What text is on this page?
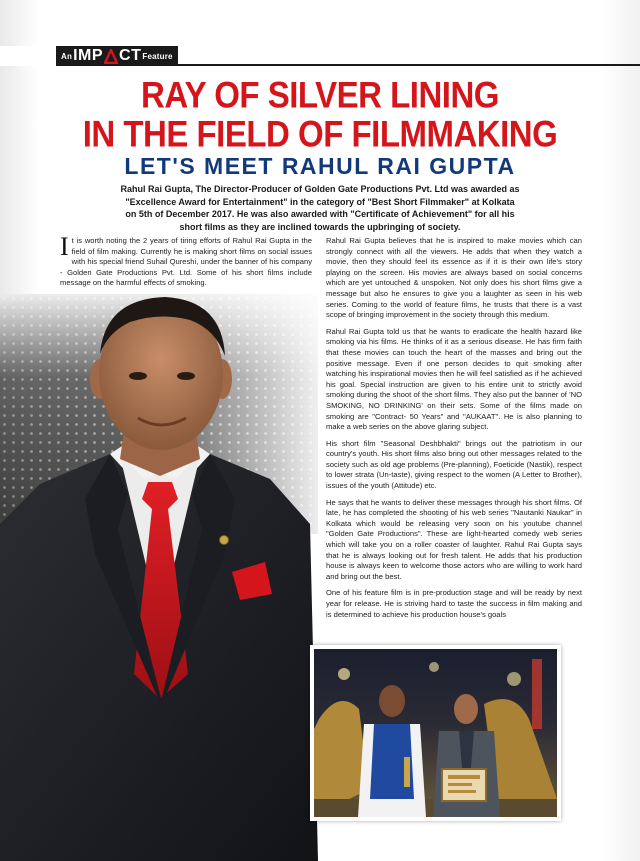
An IMP CT Feature
RAY OF SILVER LINING
IN THE FIELD OF FILMMAKING
LET'S MEET RAHUL RAI GUPTA
Rahul Rai Gupta, The Director-Producer of Golden Gate Productions Pvt. Ltd was awarded as "Excellence Award for Entertainment" in the category of "Best Short Filmmaker" at Kolkata on 5th of December 2017. He was also awarded with "Certificate of Achievement" for all his short films as they are inclined towards the upbringing of society.

It is worth noting the 2 years of tiring efforts of Rahul Rai Gupta in the field of film making. Currently he is making short films on social issues with his special friend Suhail Qureshi, under the banner of his company - Golden Gate Productions Pvt. Ltd. Some of his short films include message on the harmful effects of smoking.

Rahul Rai Gupta believes that he is inspired to make movies which can strongly connect with all the viewers. He adds that when they watch a movie, then they should feel its essence as if it is their own life's story playing on the screen. His movies are always based on social concerns which are yet untouched & unspoken. Not only does his short films give a message but also he ensures to give you a laughter as seen in his web series. Coming to the world of feature films, he trusts that there is a vast scope of bringing improvement in the society through this medium.

Rahul Rai Gupta told us that he wants to eradicate the health hazard like smoking via his films. He thinks of it as a serious disease. He has firm faith that these movies can touch the heart of the masses and bring out the positive message. Even if one person decides to quit smoking after watching his inspirational movies then he will feel satisfied as if he achieved his goal. Special instruction are given to his entire unit to strictly avoid smoking during the shoot of the short films. They also put the banner of 'NO SMOKING, NO DRINKING' on their sets. Some of the films made on smoking are "Contract- 50 Years" and "AUKAAT". He is also planning to make a web series on the above glaring subject.

His short film "Seasonal Deshbhakti" brings out the patriotism in our country's youth. His short films also bring out other messages related to the society such as old age problems (Pre-planning), Foeticide (Nastik), respect to lower strata (Un-taste), giving respect to the women (A Letter to Brother), issues of the youth (Attitude) etc.

He says that he wants to deliver these messages through his short films. Of late, he has completed the shooting of his web series "Nautanki Naukar" in Kolkata which would be releasing very soon on his youtube channel "Golden Gate Productions". These are light-hearted comedy web series which will take you on a roller coaster of laughter. Rahul Rai Gupta says that he is always looking out for fresh talent. He adds that his production house is always keen to welcome those actors who are willing to work hard and bring out the best.

One of his feature film is in pre-production stage and will be ready by next year for release. He is striving hard to taste the success in film making and is determined to achieve his production house's goals
